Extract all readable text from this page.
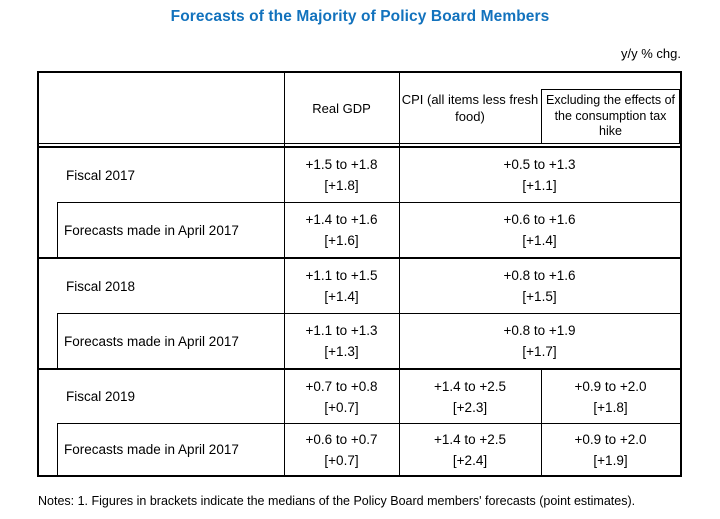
Forecasts of the Majority of Policy Board Members
y/y % chg.
Real GDP
CPI (all items less fresh food)
Excluding the effects of the consumption tax hike
Fiscal 2017
+1.5 to +1.8
[+1.8]
+0.5 to +1.3
[+1.1]
Forecasts made in April 2017
+1.4 to +1.6
[+1.6]
+0.6 to +1.6
[+1.4]
Fiscal 2018
+1.1 to +1.5
[+1.4]
+0.8 to +1.6
[+1.5]
Forecasts made in April 2017
+1.1 to +1.3
[+1.3]
+0.8 to +1.9
[+1.7]
Fiscal 2019
+0.7 to +0.8
[+0.7]
+1.4 to +2.5
[+2.3]
+0.9 to +2.0
[+1.8]
Forecasts made in April 2017
+0.6 to +0.7
[+0.7]
+1.4 to +2.5
[+2.4]
+0.9 to +2.0
[+1.9]
Notes: 1. Figures in brackets indicate the medians of the Policy Board members' forecasts (point estimates).
